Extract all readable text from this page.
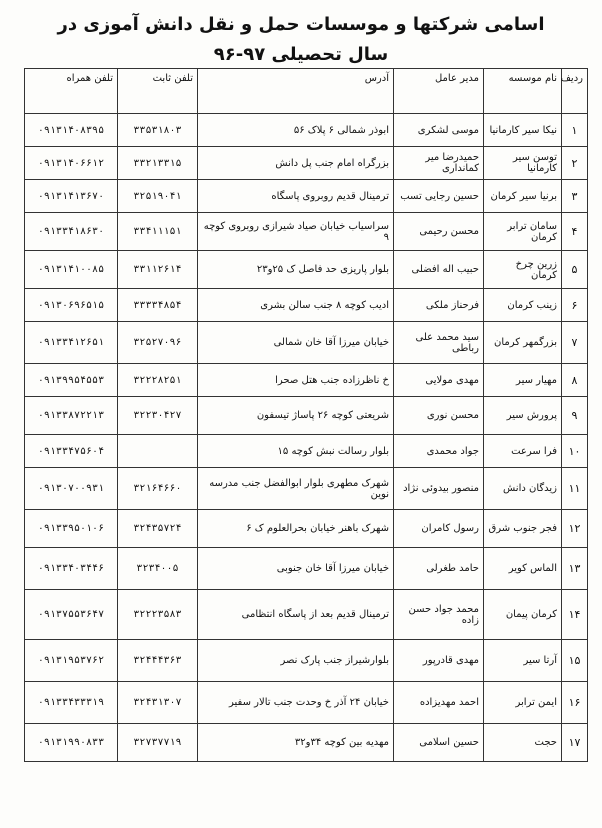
اسامی شرکتها و موسسات حمل و نقل دانش آموزی در سال تحصیلی ۹۷-۹۶
ردیف	نام موسسه	مدیر عامل	آدرس	تلفن ثابت	تلفن همراه
۱	نیکا سیر کارمانیا	موسی لشکری	ابوذر شمالی ۶ پلاک ۵۶	۳۳۵۳۱۸۰۳	۰۹۱۳۱۴۰۸۳۹۵
۲	توسن سیر کارمانیا	حمیدرضا میر کمانداری	بزرگراه امام جنب پل دانش	۳۳۲۱۳۳۱۵	۰۹۱۳۱۴۰۶۶۱۲
۳	برنیا سیر کرمان	حسین رجایی تسب	ترمینال قدیم روبروی پاسگاه	۳۲۵۱۹۰۴۱	۰۹۱۳۱۴۱۳۶۷۰
۴	سامان ترابر کرمان	محسن رحیمی	سراسیاب خیابان صیاد شیرازی روبروی کوچه ۹	۳۳۴۱۱۱۵۱	۰۹۱۳۳۴۱۸۶۳۰
۵	زرین چرخ کرمان	حبیب اله افضلی	بلوار پاریزی حد فاصل ک ۲۵و۲۳	۳۳۱۱۲۶۱۴	۰۹۱۳۱۴۱۰۰۸۵
۶	زینب کرمان	فرحناز ملکی	ادیب کوچه ۸ جنب سالن بشری	۳۳۳۳۴۸۵۴	۰۹۱۳۰۶۹۶۵۱۵
۷	بزرگمهر کرمان	سید محمد علی رباطی	خیابان میرزا آقا خان شمالی	۳۲۵۲۷۰۹۶	۰۹۱۳۳۴۱۲۶۵۱
۸	مهیار سیر	مهدی مولایی	خ ناظرزاده جنب هتل صحرا	۳۲۲۲۸۲۵۱	۰۹۱۳۹۹۵۴۵۵۳
۹	پرورش سیر	محسن نوری	شریعتی کوچه ۲۶ پاساژ تیسفون	۳۲۲۳۰۴۲۷	۰۹۱۳۳۸۷۲۲۱۳
۱۰	فرا سرعت	جواد محمدی	بلوار رسالت نبش کوچه ۱۵		۰۹۱۳۳۴۷۵۶۰۴
۱۱	زیدگان دانش	منصور بیدوئی نژاد	شهرک مطهری بلوار ابوالفضل جنب مدرسه نوین	۳۲۱۶۴۶۶۰	۰۹۱۳۰۷۰۰۹۳۱
۱۲	فجر جنوب شرق	رسول کامران	شهرک باهنر خیابان بحرالعلوم ک ۶	۳۲۴۳۵۷۲۴	۰۹۱۳۳۹۵۰۱۰۶
۱۳	الماس کویر	حامد طغرلی	خیابان میرزا آقا خان جنوبی	۳۲۳۴۰۰۵	۰۹۱۳۳۴۰۳۴۴۶
۱۴	کرمان پیمان	محمد جواد حسن زاده	ترمینال قدیم بعد از پاسگاه انتظامی	۳۲۲۲۳۵۸۳	۰۹۱۳۷۵۵۳۶۴۷
۱۵	آرتا سیر	مهدی قادرپور	بلوارشیراز جنب پارک نصر	۳۲۴۴۴۳۶۳	۰۹۱۳۱۹۵۳۷۶۲
۱۶	ایمن ترابر	احمد مهدیزاده	خیابان ۲۴ آذر خ وحدت جنب تالار سفیر	۳۲۴۳۱۳۰۷	۰۹۱۳۳۴۳۳۳۱۹
۱۷	حجت	حسین اسلامی	مهدیه بین کوچه ۳۴و۳۲	۳۲۷۳۷۷۱۹	۰۹۱۳۱۹۹۰۸۳۳
